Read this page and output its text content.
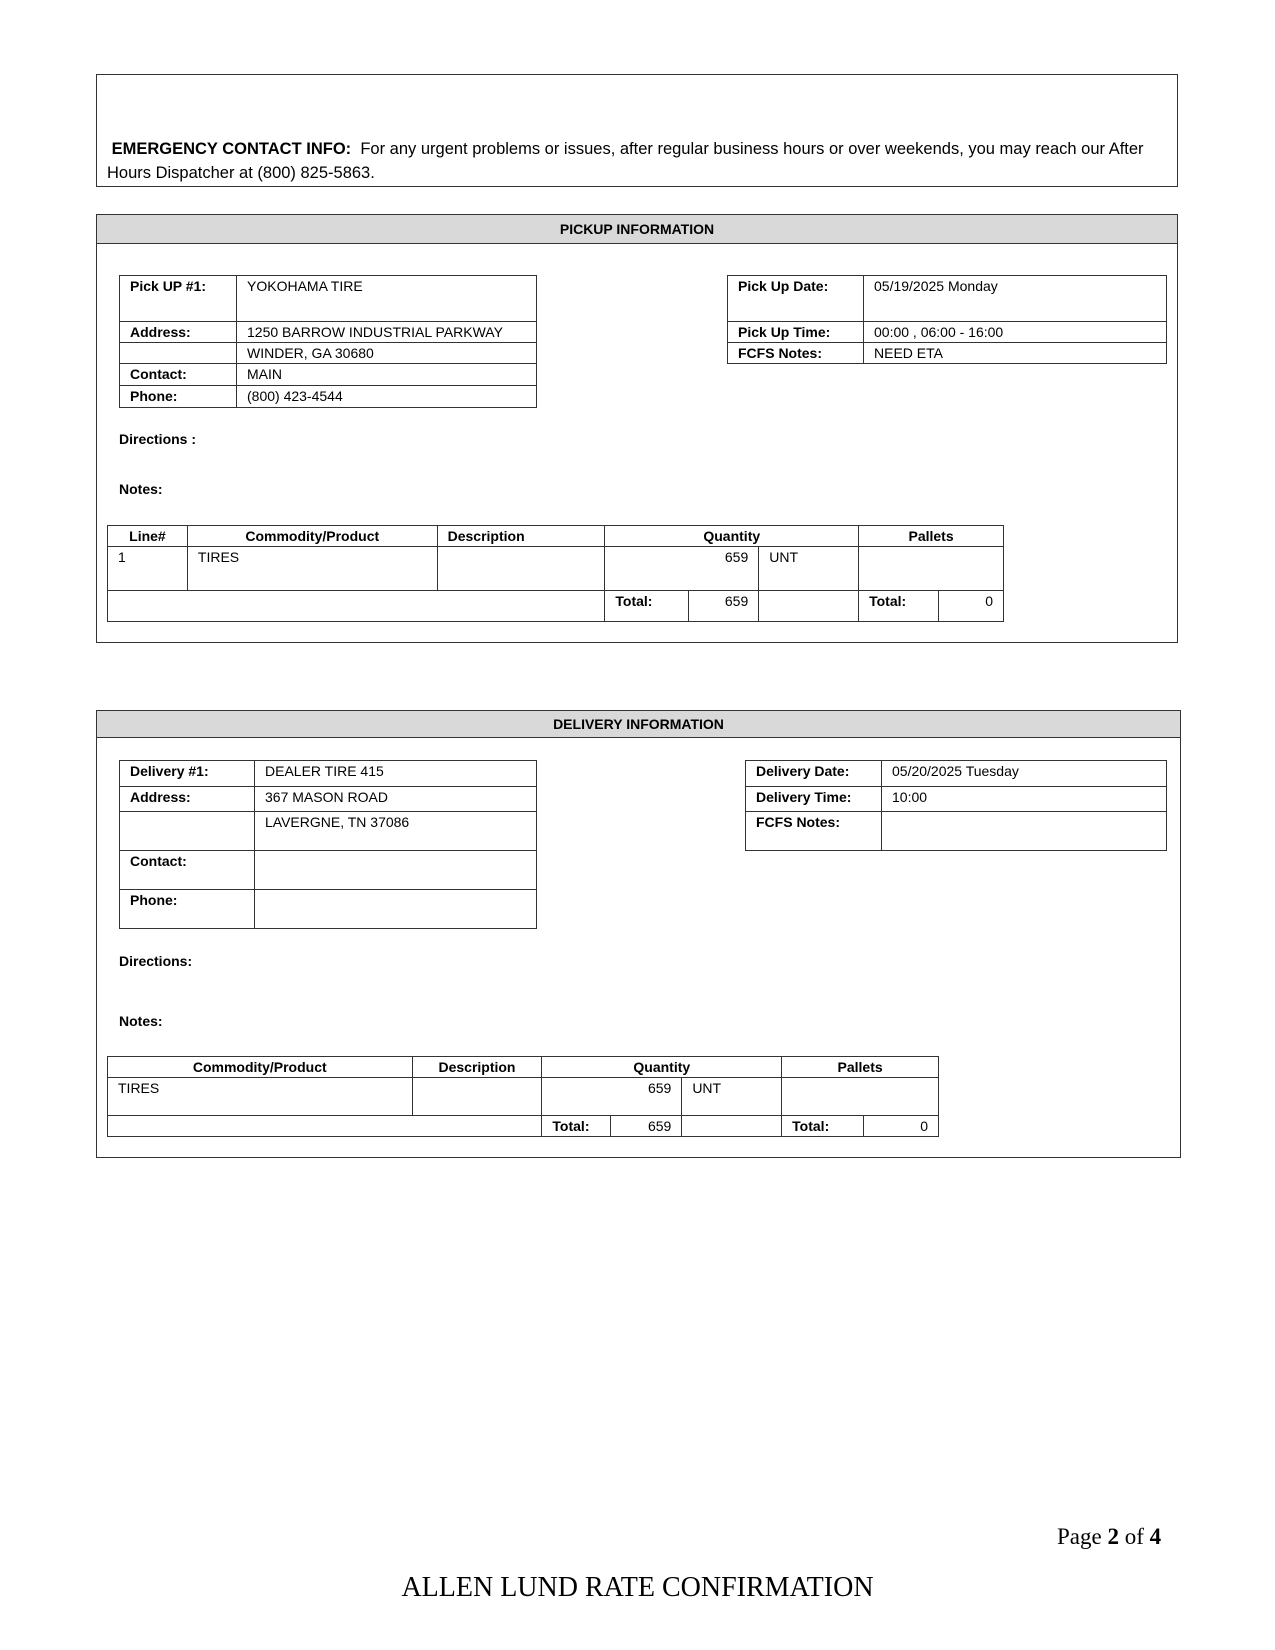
EMERGENCY CONTACT INFO: For any urgent problems or issues, after regular business hours or over weekends, you may reach our After Hours Dispatcher at (800) 825-5863.
PICKUP INFORMATION
Pick UP #1:	YOKOHAMA TIRE
Address:	1250 BARROW INDUSTRIAL PARKWAY
	WINDER, GA 30680
Contact:	MAIN
Phone:	(800) 423-4544
Pick Up Date:	05/19/2025 Monday
Pick Up Time:	00:00 , 06:00 - 16:00
FCFS Notes:	NEED ETA
Directions :
Notes:
Line#	Commodity/Product	Description	Quantity			Pallets	
1	TIRES		659		UNT		
			Total:	659		Total:	0
DELIVERY INFORMATION
Delivery #1:	DEALER TIRE 415
Address:	367 MASON ROAD
	LAVERGNE, TN 37086
Contact:	
Phone:	
Delivery Date:	05/20/2025 Tuesday
Delivery Time:	10:00
FCFS Notes:	
Directions:
Notes:
Commodity/Product	Description	Quantity			Pallets	
TIRES		659		UNT		
		Total:	659		Total:	0
Page 2 of 4
ALLEN LUND RATE CONFIRMATION
